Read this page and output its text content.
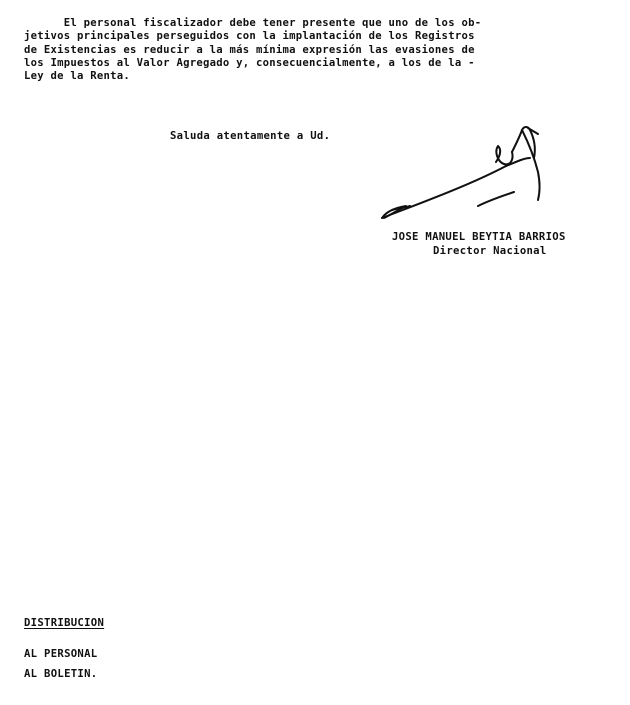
El personal fiscalizador debe tener presente que uno de los ob-
jetivos principales perseguidos con la implantación de los Registros
de Existencias es reducir a la más mínima expresión las evasiones de
los Impuestos al Valor Agregado y, consecuencialmente, a los de la -
Ley de la Renta.
Saluda atentamente a Ud.
JOSE MANUEL BEYTIA BARRIOS
Director Nacional
DISTRIBUCION
AL PERSONAL
AL BOLETIN.
